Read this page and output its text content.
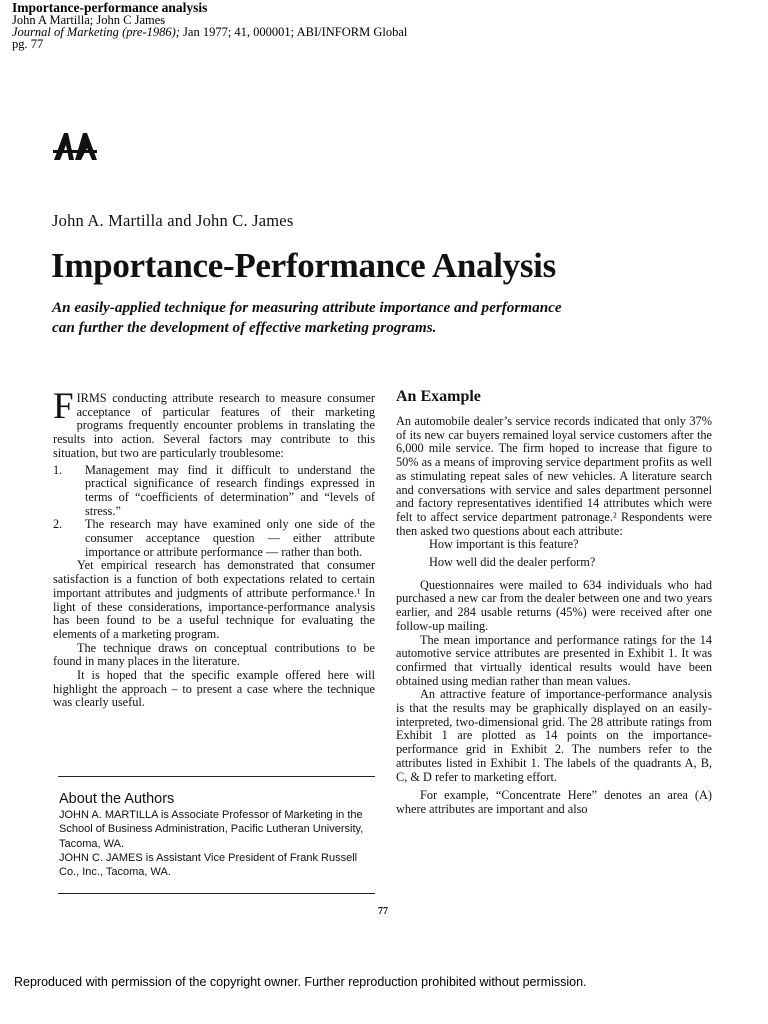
Importance-performance analysis
John A Martilla; John C James
Journal of Marketing (pre-1986); Jan 1977; 41, 000001; ABI/INFORM Global
pg. 77
John A. Martilla and John C. James
Importance-Performance Analysis
An easily-applied technique for measuring attribute importance and performance
can further the development of effective marketing programs.

FIRMS conducting attribute research to measure consumer acceptance of particular features of their marketing programs frequently encounter problems in translating the results into action. Several factors may contribute to this situation, but two are particularly troublesome:

1. Management may find it difficult to understand the practical significance of research findings expressed in terms of “coefficients of determination” and “levels of stress.”
2. The research may have examined only one side of the consumer acceptance question — either attribute importance or attribute performance — rather than both.

Yet empirical research has demonstrated that consumer satisfaction is a function of both expectations related to certain important attributes and judgments of attribute performance.¹ In light of these considerations, importance-performance analysis has been found to be a useful technique for evaluating the elements of a marketing program.

The technique draws on conceptual contributions to be found in many places in the literature.

It is hoped that the specific example offered here will highlight the approach – to present a case where the technique was clearly useful.

About the Authors

JOHN A. MARTILLA is Associate Professor of Marketing in the School of Business Administration, Pacific Lutheran University, Tacoma, WA.

JOHN C. JAMES is Assistant Vice President of Frank Russell Co., Inc., Tacoma, WA.

An Example

An automobile dealer’s service records indicated that only 37% of its new car buyers remained loyal service customers after the 6,000 mile service. The firm hoped to increase that figure to 50% as a means of improving service department profits as well as stimulating repeat sales of new vehicles. A literature search and conversations with service and sales department personnel and factory representatives identified 14 attributes which were felt to affect service department patronage.² Respondents were then asked two questions about each attribute:

How important is this feature?

How well did the dealer perform?

Questionnaires were mailed to 634 individuals who had purchased a new car from the dealer between one and two years earlier, and 284 usable returns (45%) were received after one follow-up mailing.

The mean importance and performance ratings for the 14 automotive service attributes are presented in Exhibit 1. It was confirmed that virtually identical results would have been obtained using median rather than mean values.

An attractive feature of importance-performance analysis is that the results may be graphically displayed on an easily-interpreted, two-dimensional grid. The 28 attribute ratings from Exhibit 1 are plotted as 14 points on the importance-performance grid in Exhibit 2. The numbers refer to the attributes listed in Exhibit 1. The labels of the quadrants A, B, C, & D refer to marketing effort.

For example, “Concentrate Here” denotes an area (A) where attributes are important and also

77
Reproduced with permission of the copyright owner. Further reproduction prohibited without permission.
